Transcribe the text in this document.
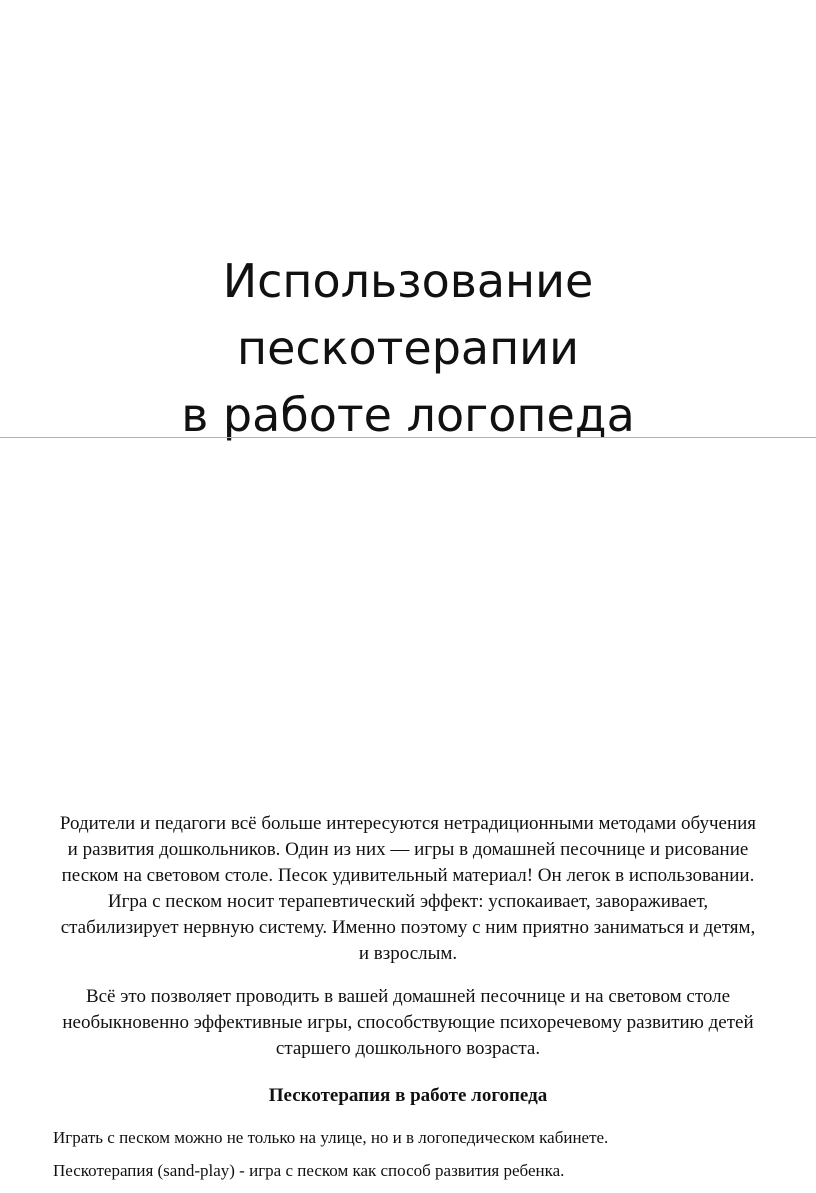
Использование
пескотерапии
в работе логопеда
Родители и педагоги всё больше интересуются нетрадиционными методами обучения
и развития дошкольников. Один из них — игры в домашней песочнице и рисование
песком на световом столе. Песок удивительный материал! Он легок в использовании.
Игра с песком носит терапевтический эффект: успокаивает, завораживает,
стабилизирует нервную систему. Именно поэтому с ним приятно заниматься и детям,
и взрослым.
Всё это позволяет проводить в вашей домашней песочнице и на световом столе
необыкновенно эффективные игры, способствующие психоречевому развитию детей
старшего дошкольного возраста.
Пескотерапия в работе логопеда
Играть с песком можно не только на улице, но и в логопедическом кабинете.
Пескотерапия (sand-play) - игра с песком как способ развития ребенка.
